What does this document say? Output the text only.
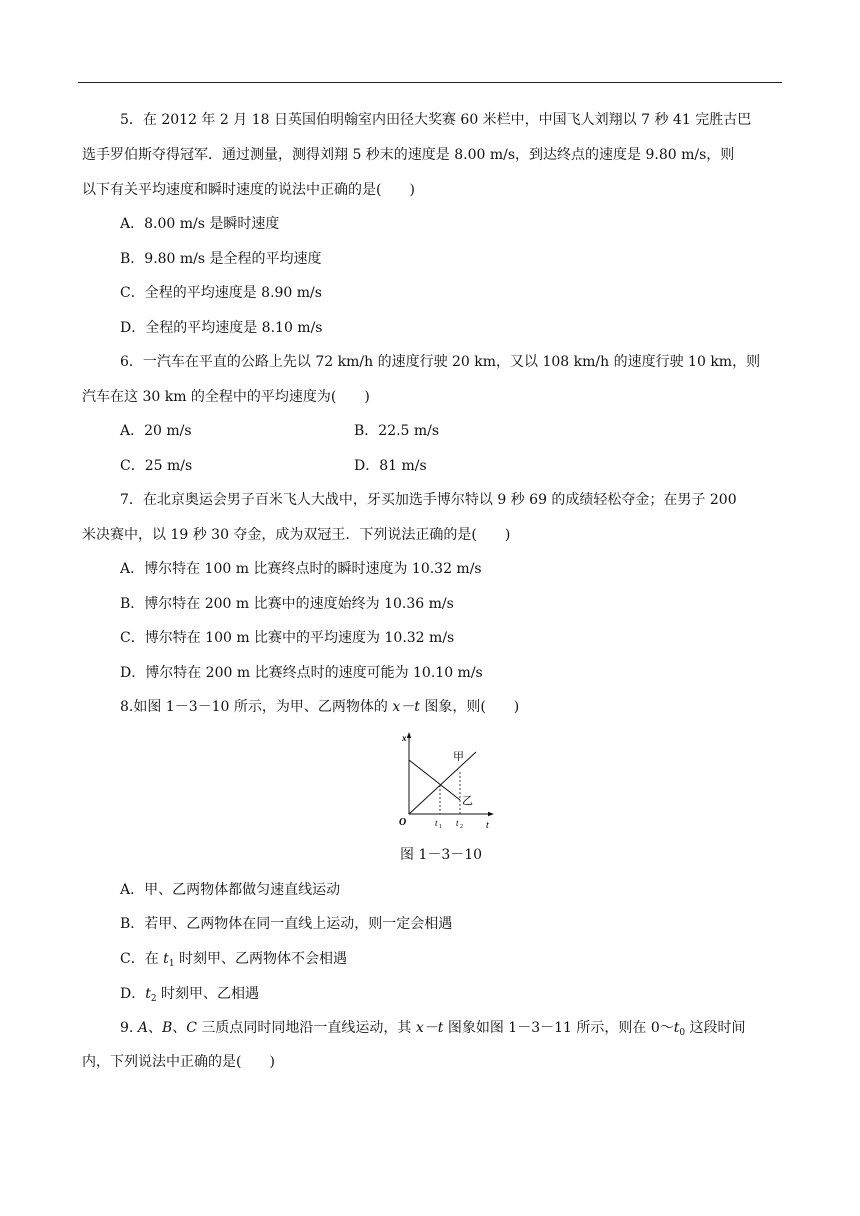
5．在 2012 年 2 月 18 日英国伯明翰室内田径大奖赛 60 米栏中，中国飞人刘翔以 7 秒 41 完胜古巴
选手罗伯斯夺得冠军．通过测量，测得刘翔 5 秒末的速度是 8.00 m/s，到达终点的速度是 9.80 m/s，则
以下有关平均速度和瞬时速度的说法中正确的是(　　)
A．8.00 m/s 是瞬时速度
B．9.80 m/s 是全程的平均速度
C．全程的平均速度是 8.90 m/s
D．全程的平均速度是 8.10 m/s
6．一汽车在平直的公路上先以 72 km/h 的速度行驶 20 km，又以 108 km/h 的速度行驶 10 km，则
汽车在这 30 km 的全程中的平均速度为(　　)
A．20 m/s	B．22.5 m/s
C．25 m/s	D．81 m/s
7．在北京奥运会男子百米飞人大战中，牙买加选手博尔特以 9 秒 69 的成绩轻松夺金；在男子 200
米决赛中，以 19 秒 30 夺金，成为双冠王．下列说法正确的是(　　)
A．博尔特在 100 m 比赛终点时的瞬时速度为 10.32 m/s
B．博尔特在 200 m 比赛中的速度始终为 10.36 m/s
C．博尔特在 100 m 比赛中的平均速度为 10.32 m/s
D．博尔特在 200 m 比赛终点时的速度可能为 10.10 m/s
8.如图 1－3－10 所示，为甲、乙两物体的 x－t 图象，则(　　)
x
t
O
甲
乙
t 1 t 2
图 1－3－10
A．甲、乙两物体都做匀速直线运动
B．若甲、乙两物体在同一直线上运动，则一定会相遇
C．在 $t_1$ 时刻甲、乙两物体不会相遇
D．$t_2$ 时刻甲、乙相遇
9. A、B、C 三质点同时同地沿一直线运动，其 x－t 图象如图 1－3－11 所示，则在 $0\sim t_0$ 这段时间
内，下列说法中正确的是(　　)
